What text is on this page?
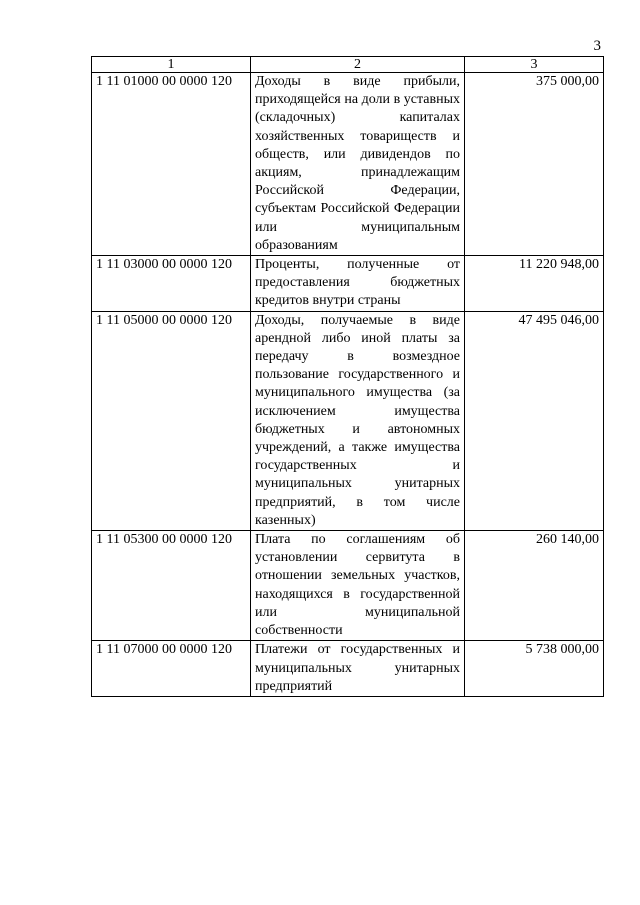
3
1	2	3
1 11 01000 00 0000 120	Доходы в виде прибыли, приходящейся на доли в уставных (складочных) капиталах хозяйственных товариществ и обществ, или дивидендов по акциям, принадлежащим Российской Федерации, субъектам Российской Федерации или муниципальным образованиям	375 000,00
1 11 03000 00 0000 120	Проценты, полученные от предоставления бюджетных кредитов внутри страны	11 220 948,00
1 11 05000 00 0000 120	Доходы, получаемые в виде арендной либо иной платы за передачу в возмездное пользование государственного и муниципального имущества (за исключением имущества бюджетных и автономных учреждений, а также имущества государственных и муниципальных унитарных предприятий, в том числе казенных)	47 495 046,00
1 11 05300 00 0000 120	Плата по соглашениям об установлении сервитута в отношении земельных участков, находящихся в государственной или муниципальной собственности	260 140,00
1 11 07000 00 0000 120	Платежи от государственных и муниципальных унитарных предприятий	5 738 000,00
